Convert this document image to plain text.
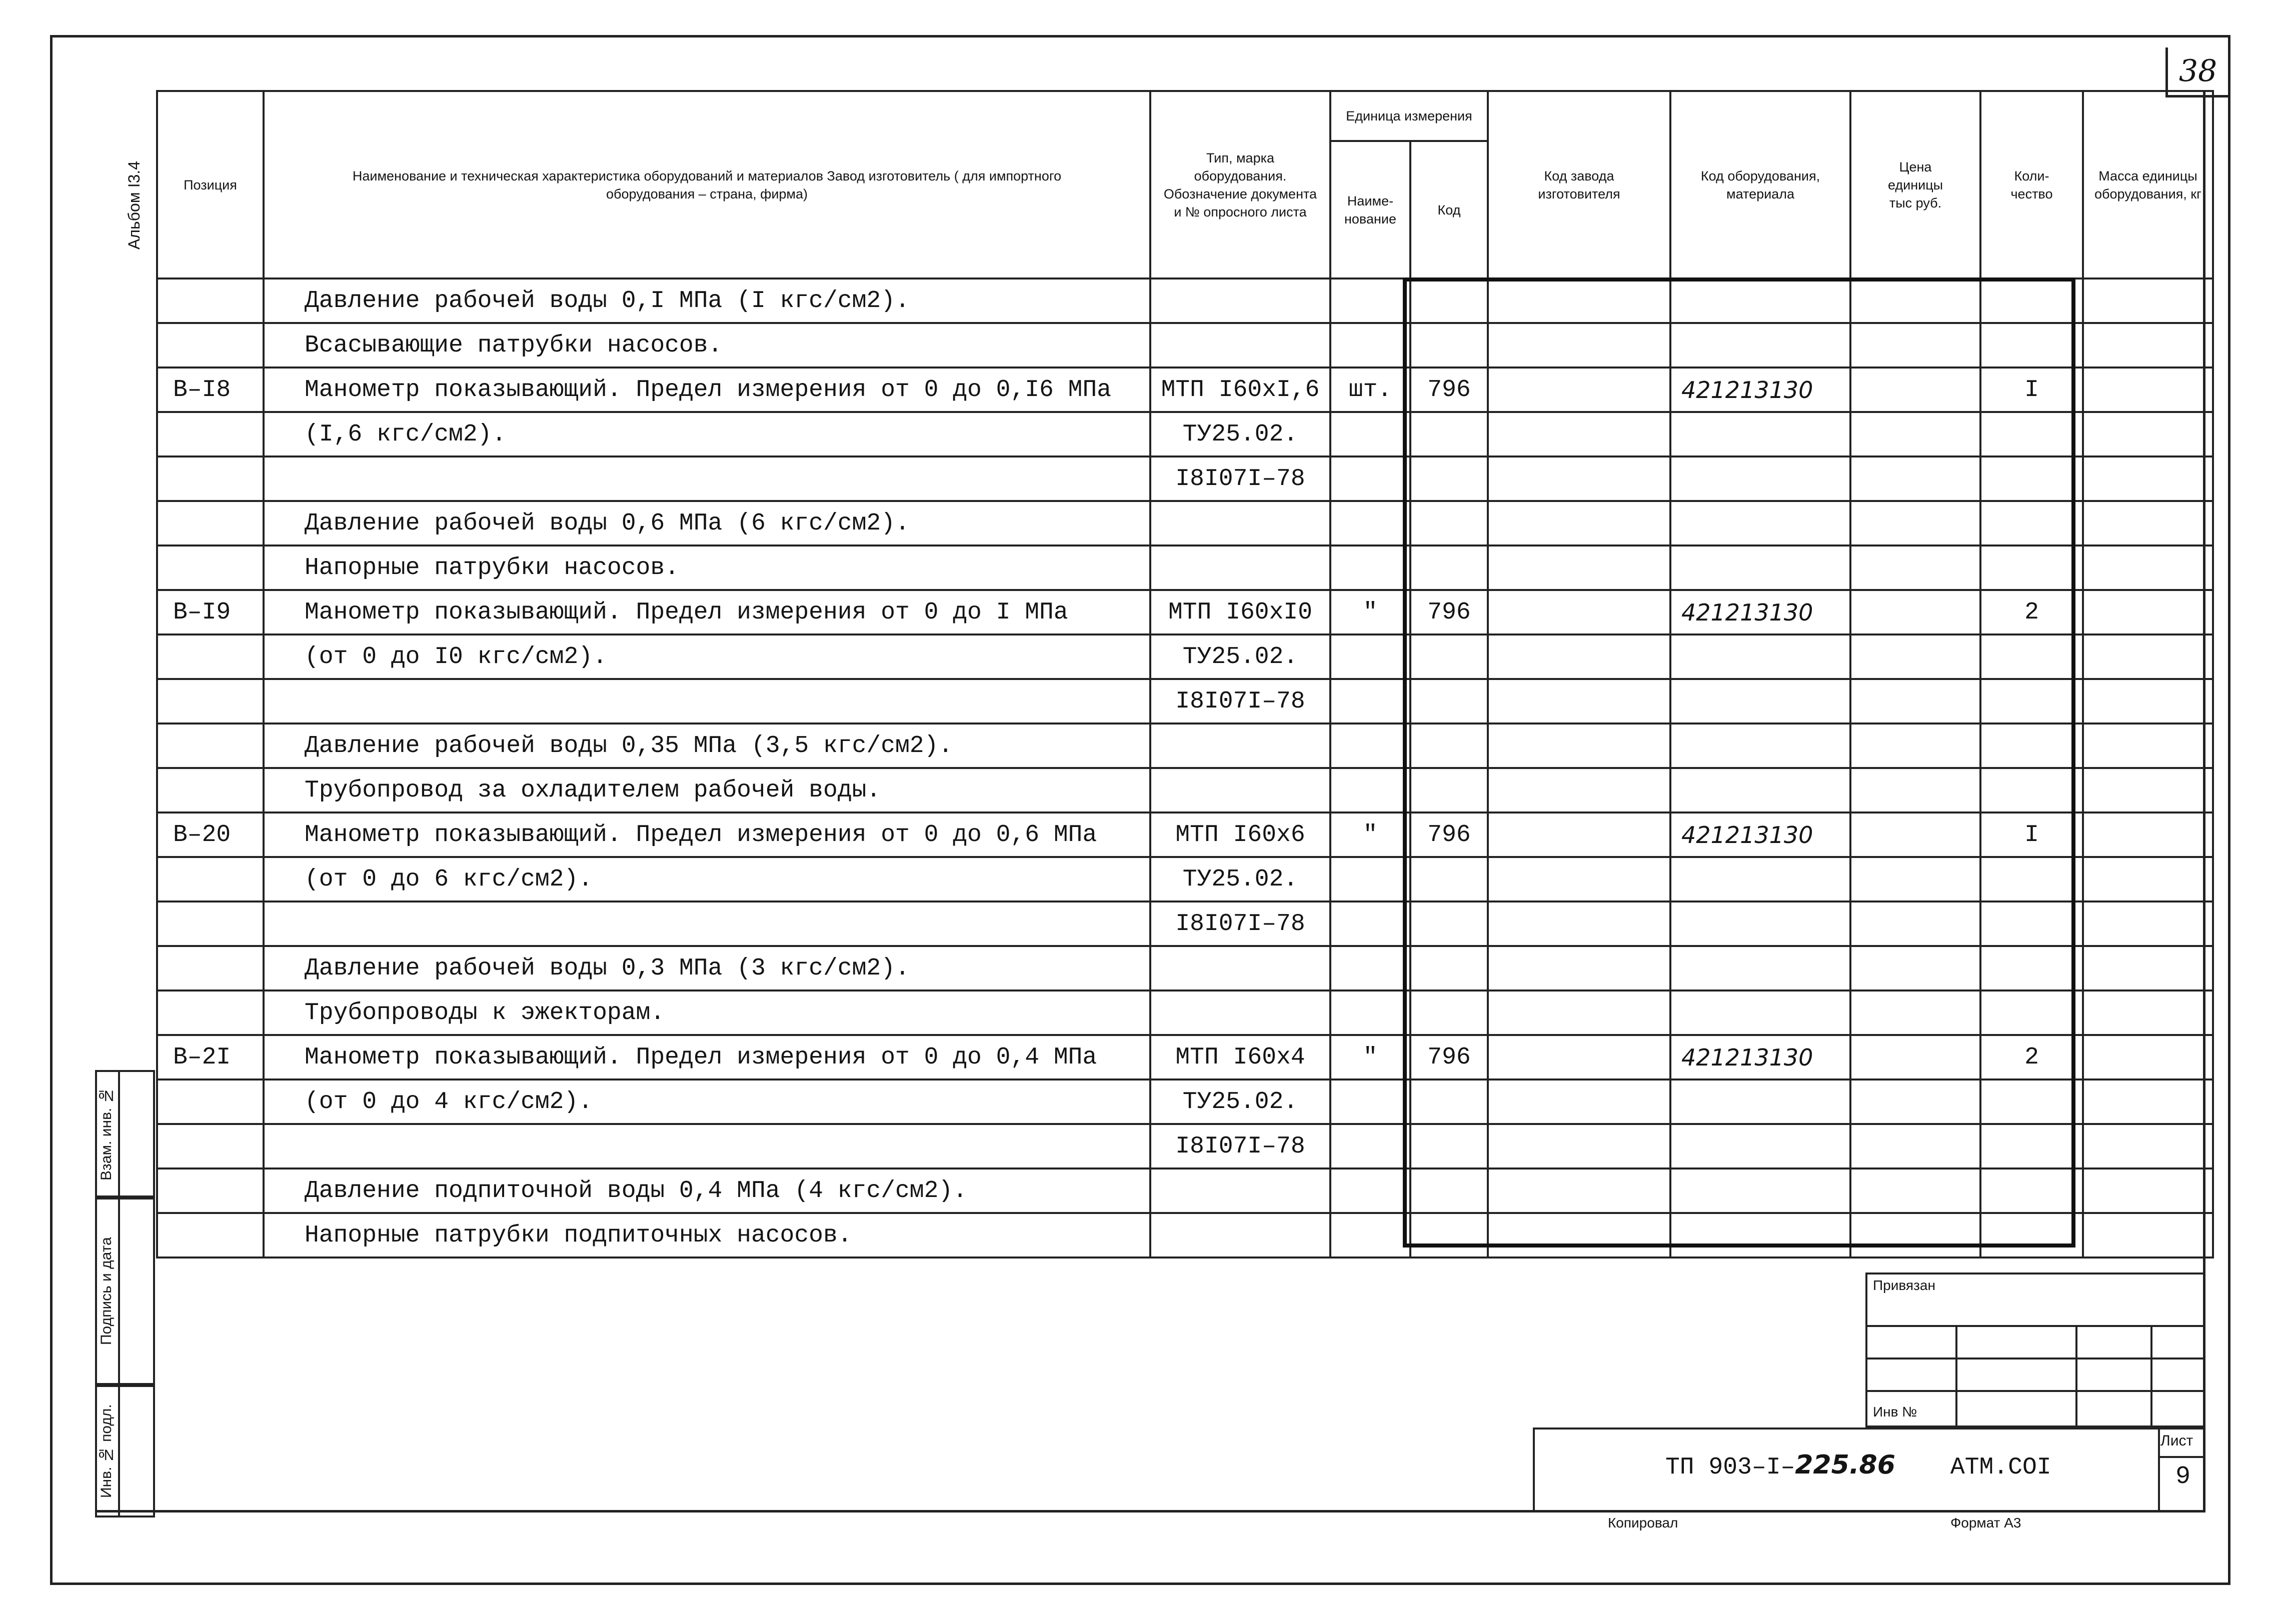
38
Альбом I3.4	Позиция	Наименование и техническая характеристика оборудований и материалов Завод изготовитель ( для импортного оборудования – страна, фирма)	Тип, марка оборудования. Обозначение документа и № опросного листа	Единица измерения		Код завода изготовителя	Код оборудования, материала	Цена единицы тыс руб.	Коли-чество	Масса единицы оборудования, кг
			Наиме-нование	Код					
	Давление рабочей воды 0,I МПа (I кгс/см2).								
	Всасывающие патрубки насосов.								
В–I8	Манометр показывающий. Предел измерения от 0 до 0,I6 МПа	МТП I60хI,6	шт.	796		421213130		I	
	(I,6 кгс/см2).	ТУ25.02.							
		I8I07I–78							
	Давление рабочей воды 0,6 МПа (6 кгс/см2).								
	Напорные патрубки насосов.								
В–I9	Манометр показывающий. Предел измерения от 0 до I МПа	МТП I60хI0	"	796		421213130		2	
	(от 0 до I0 кгс/см2).	ТУ25.02.							
		I8I07I–78							
	Давление рабочей воды 0,35 МПа (3,5 кгс/см2).								
	Трубопровод за охладителем рабочей воды.								
В–20	Манометр показывающий. Предел измерения от 0 до 0,6 МПа	МТП I60х6	"	796		421213130		I	
	(от 0 до 6 кгс/см2).	ТУ25.02.							
		I8I07I–78							
	Давление рабочей воды 0,3 МПа (3 кгс/см2).								
	Трубопроводы к эжекторам.								
В–2I	Манометр показывающий. Предел измерения от 0 до 0,4 МПа	МТП I60х4	"	796		421213130		2	
	(от 0 до 4 кгс/см2).	ТУ25.02.							
		I8I07I–78							
	Давление подпиточной воды 0,4 МПа (4 кгс/см2).								
	Напорные патрубки подпиточных насосов.								
Взам. инв. №
Подпись и дата
Инв. № подл.
Привязан
Инв №
Лист
9
ТП 903–I–225.86 АТМ.СОI
Копировал	Формат А3
